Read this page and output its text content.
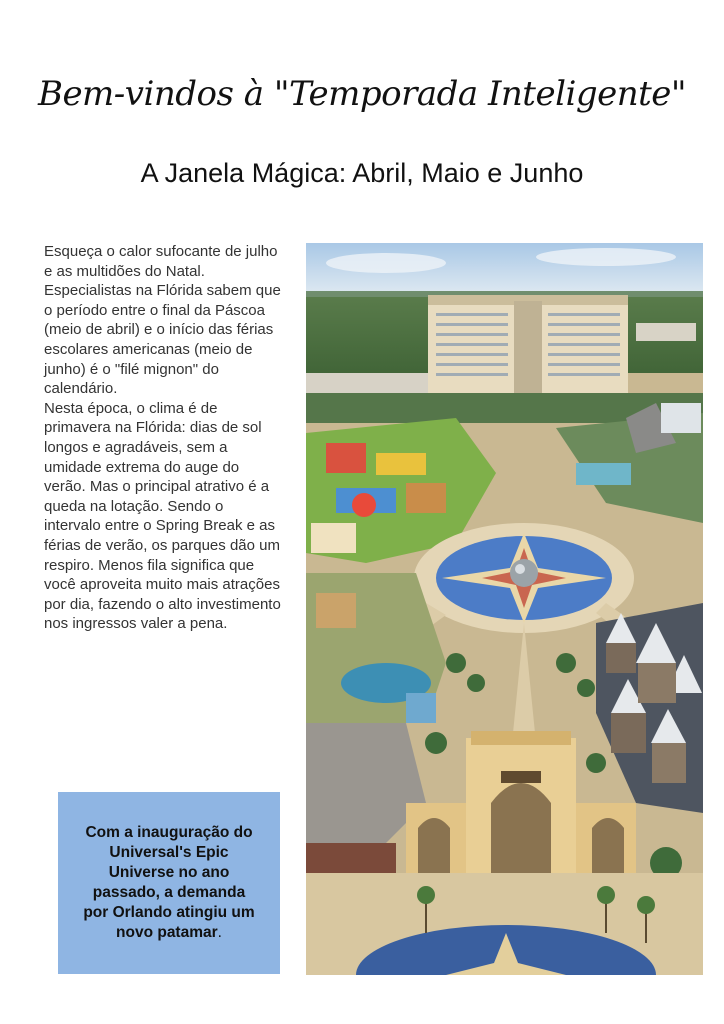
Bem-vindos à "Temporada Inteligente"
A Janela Mágica: Abril, Maio e Junho

Esqueça o calor sufocante de julho e as multidões do Natal. Especialistas na Flórida sabem que o período entre o final da Páscoa (meio de abril) e o início das férias escolares americanas (meio de junho) é o "filé mignon" do calendário.

Nesta época, o clima é de primavera na Flórida: dias de sol longos e agradáveis, sem a umidade extrema do auge do verão. Mas o principal atrativo é a queda na lotação. Sendo o intervalo entre o Spring Break e as férias de verão, os parques dão um respiro. Menos fila significa que você aproveita muito mais atrações por dia, fazendo o alto investimento nos ingressos valer a pena.

Com a inauguração do Universal's Epic Universe no ano passado, a demanda por Orlando atingiu um novo patamar.
